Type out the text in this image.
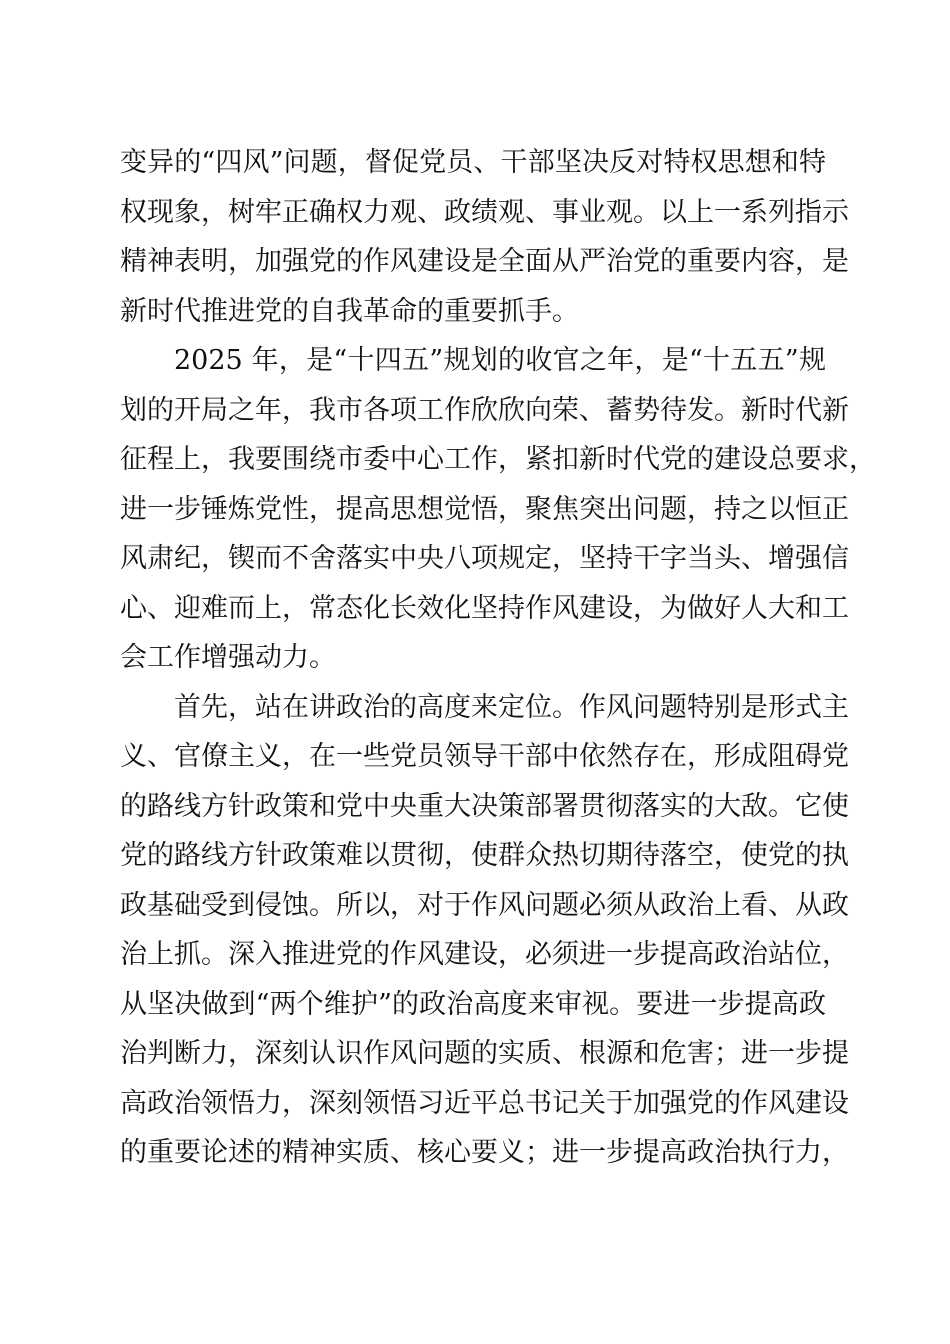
变异的“四风”问题，督促党员、干部坚决反对特权思想和特
权现象，树牢正确权力观、政绩观、事业观。以上一系列指示
精神表明，加强党的作风建设是全面从严治党的重要内容，是
新时代推进党的自我革命的重要抓手。
2025 年，是“十四五”规划的收官之年，是“十五五”规
划的开局之年，我市各项工作欣欣向荣、蓄势待发。新时代新
征程上，我要围绕市委中心工作，紧扣新时代党的建设总要求，
进一步锤炼党性，提高思想觉悟，聚焦突出问题，持之以恒正
风肃纪，锲而不舍落实中央八项规定，坚持干字当头、增强信
心、迎难而上，常态化长效化坚持作风建设，为做好人大和工
会工作增强动力。
首先，站在讲政治的高度来定位。作风问题特别是形式主
义、官僚主义，在一些党员领导干部中依然存在，形成阻碍党
的路线方针政策和党中央重大决策部署贯彻落实的大敌。它使
党的路线方针政策难以贯彻，使群众热切期待落空，使党的执
政基础受到侵蚀。所以，对于作风问题必须从政治上看、从政
治上抓。深入推进党的作风建设，必须进一步提高政治站位，
从坚决做到“两个维护”的政治高度来审视。要进一步提高政
治判断力，深刻认识作风问题的实质、根源和危害；进一步提
高政治领悟力，深刻领悟习近平总书记关于加强党的作风建设
的重要论述的精神实质、核心要义；进一步提高政治执行力，
